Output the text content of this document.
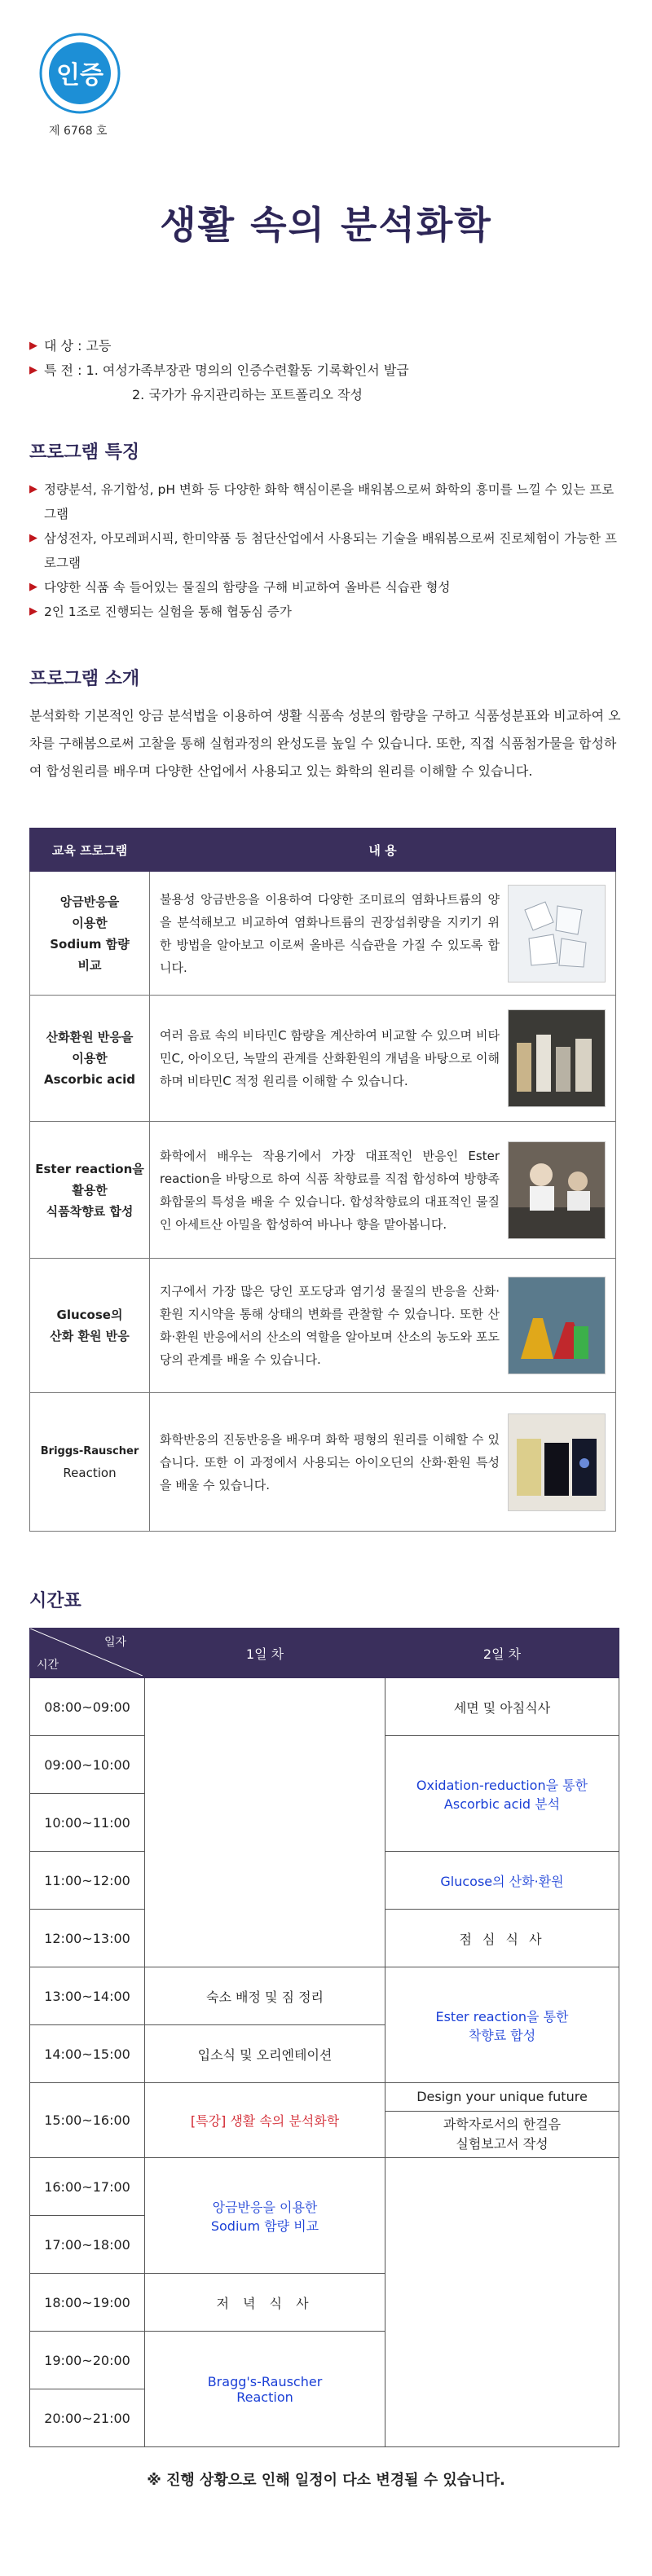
인증
제 6768 호
생활 속의 분석화학
▶ 대 상 : 고등
▶ 특 전 : 1. 여성가족부장관 명의의 인증수련활동 기록확인서 발급
2. 국가가 유지관리하는 포트폴리오 작성
프로그램 특징
▶ 정량분석, 유기합성, pH 변화 등 다양한 화학 핵심이론을 배워봄으로써 화학의 흥미를 느낄 수 있는 프로그램
▶ 삼성전자, 아모레퍼시픽, 한미약품 등 첨단산업에서 사용되는 기술을 배워봄으로써 진로체험이 가능한 프로그램
▶ 다양한 식품 속 들어있는 물질의 함량을 구해 비교하여 올바른 식습관 형성
▶ 2인 1조로 진행되는 실험을 통해 협동심 증가
프로그램 소개
분석화학 기본적인 앙금 분석법을 이용하여 생활 식품속 성분의 함량을 구하고 식품성분표와 비교하여 오차를 구해봄으로써 고찰을 통해 실험과정의 완성도를 높일 수 있습니다. 또한, 직접 식품첨가물을 합성하여 합성원리를 배우며 다양한 산업에서 사용되고 있는 화학의 원리를 이해할 수 있습니다.
교육 프로그램	내 용

앙금반응을
이용한
Sodium 함량
비교	불용성 앙금반응을 이용하여 다양한 조미료의 염화나트륨의 양을 분석해보고 비교하여 염화나트륨의 권장섭취량을 지키기 위한 방법을 알아보고 이로써 올바른 식습관을 가질 수 있도록 합니다.

산화환원 반응을
이용한
Ascorbic acid	여러 음료 속의 비타민C 함량을 계산하여 비교할 수 있으며 비타민C, 아이오딘, 녹말의 관계를 산화환원의 개념을 바탕으로 이해하며 비타민C 적정 원리를 이해할 수 있습니다.

Ester reaction을
활용한
식품착향료 합성	화학에서 배우는 작용기에서 가장 대표적인 반응인 Ester reaction을 바탕으로 하여 식품 착향료를 직접 합성하여 방향족 화합물의 특성을 배울 수 있습니다. 합성착향료의 대표적인 물질인 아세트산 아밀을 합성하여 바나나 향을 맡아봅니다.

Glucose의
산화 환원 반응	지구에서 가장 많은 당인 포도당과 염기성 물질의 반응을 산화·환원 지시약을 통해 상태의 변화를 관찰할 수 있습니다. 또한 산화·환원 반응에서의 산소의 역할을 알아보며 산소의 농도와 포도당의 관계를 배울 수 있습니다.

Briggs-Rauscher
Reaction	화학반응의 진동반응을 배우며 화학 평형의 원리를 이해할 수 있습니다. 또한 이 과정에서 사용되는 아이오딘의 산화·환원 특성을 배울 수 있습니다.
시간표
일자
시간	1일 차	2일 차
08:00~09:00		세면 및 아침식사
09:00~10:00		Oxidation-reduction을 통한
Ascorbic acid 분석

10:00~11:00		
11:00~12:00		Glucose의 산화·환원
12:00~13:00		점 심 식 사
13:00~14:00	숙소 배정 및 짐 정리	Ester reaction을 통한
착향료 합성

14:00~15:00	입소식 및 오리엔테이션	
15:00~16:00	[특강] 생활 속의 분석화학	Design your unique future
과학자로서의 한걸음
실험보고서 작성

16:00~17:00	앙금반응을 이용한
Sodium 함량 비교	

17:00~18:00		
18:00~19:00	저 녁 식 사	
19:00~20:00	Bragg's-Rauscher
Reaction	

20:00~21:00		
※ 진행 상황으로 인해 일정이 다소 변경될 수 있습니다.
